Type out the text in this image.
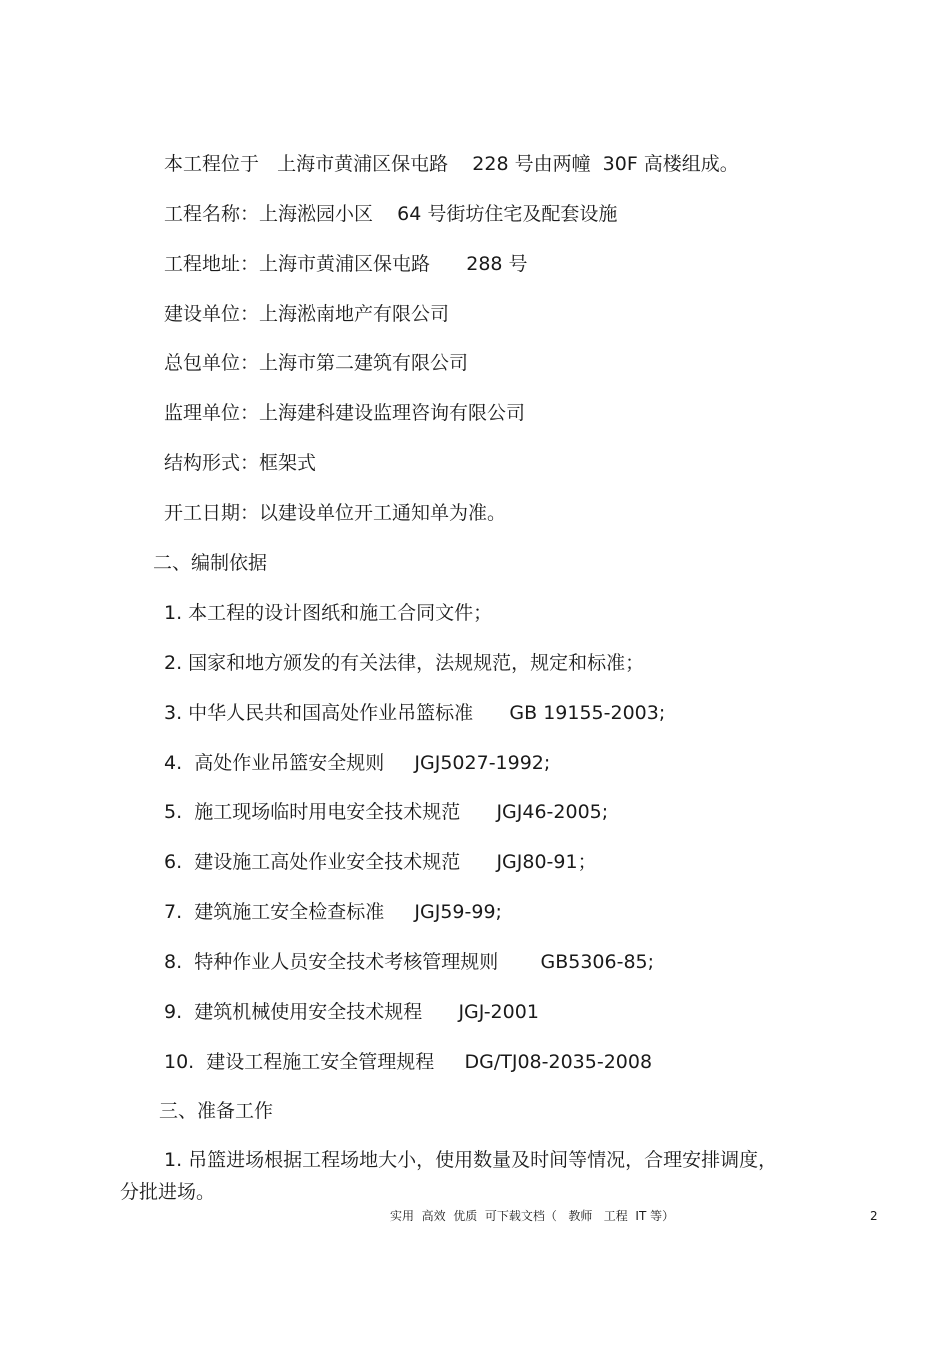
本工程位于   上海市黄浦区保屯路    228 号由两幢  30F 高楼组成。

工程名称：上海淞园小区    64 号街坊住宅及配套设施

工程地址：上海市黄浦区保屯路      288 号

建设单位：上海淞南地产有限公司

总包单位：上海市第二建筑有限公司

监理单位：上海建科建设监理咨询有限公司

结构形式：框架式

开工日期：以建设单位开工通知单为准。

二、编制依据

1. 本工程的设计图纸和施工合同文件；

2. 国家和地方颁发的有关法律，法规规范，规定和标准；

3. 中华人民共和国高处作业吊篮标准      GB 19155-2003;

4.  高处作业吊篮安全规则     JGJ5027-1992;

5.  施工现场临时用电安全技术规范      JGJ46-2005;

6.  建设施工高处作业安全技术规范      JGJ80-91；

7.  建筑施工安全检查标准     JGJ59-99;

8.  特种作业人员安全技术考核管理规则       GB5306-85;

9.  建筑机械使用安全技术规程      JGJ-2001

10.  建设工程施工安全管理规程     DG/TJ08-2035-2008

三、准备工作

1. 吊篮进场根据工程场地大小，使用数量及时间等情况，合理安排调度，

分批进场。

实用  高效  优质  可下载文档（   教师   工程  IT 等）	2
